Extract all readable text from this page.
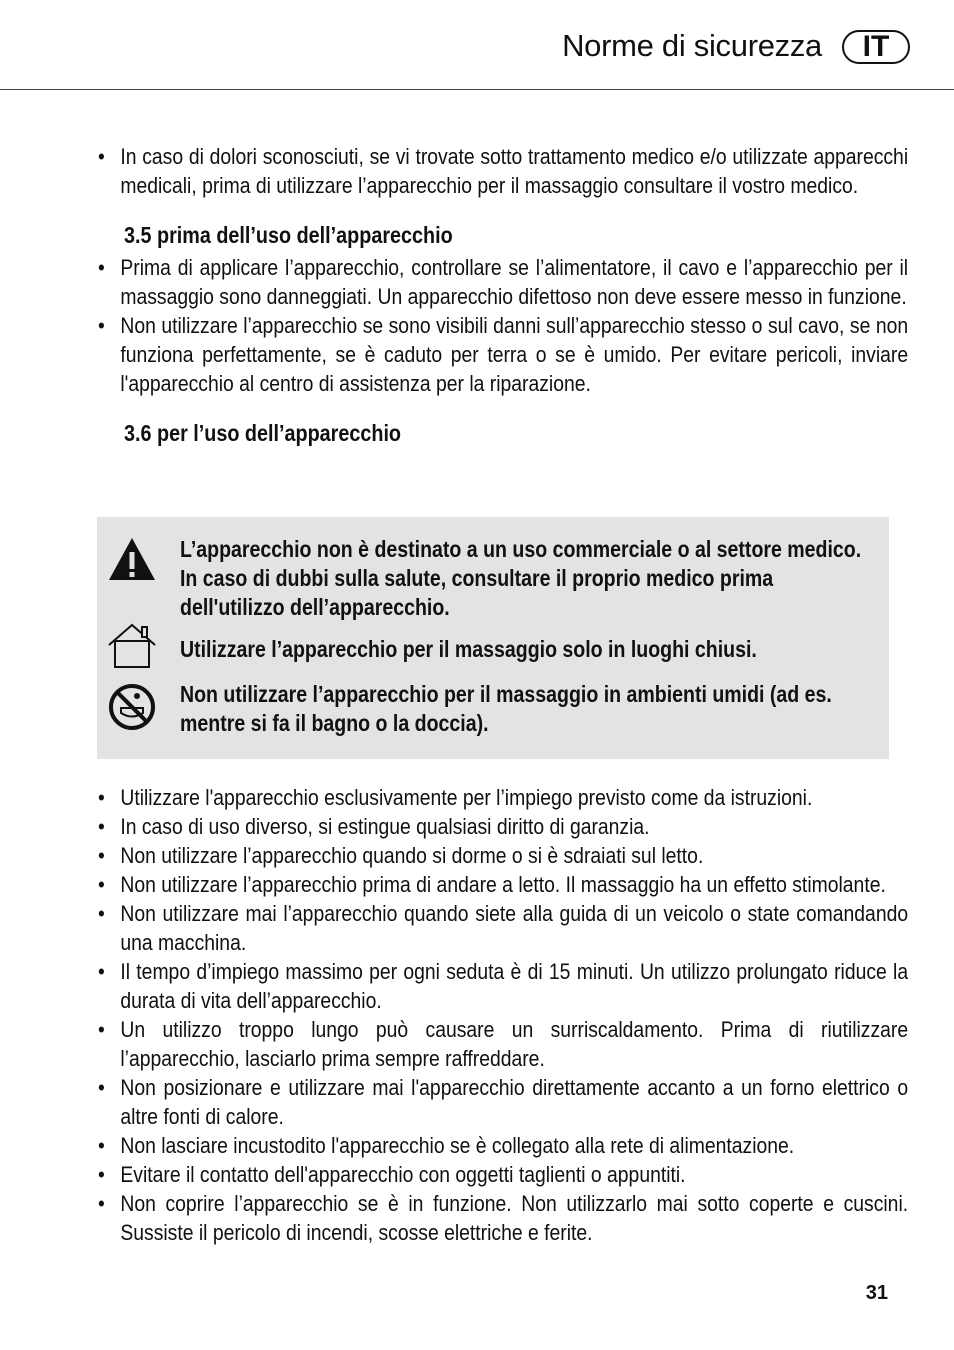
Norme di sicurezza	IT
• In caso di dolori sconosciuti, se vi trovate sotto trattamento medico e/o utilizzate apparecchi medicali, prima di utilizzare l’apparecchio per il massaggio consultare il vostro medico.
3.5 prima dell’uso dell’apparecchio
• Prima di applicare l’apparecchio, controllare se l’alimentatore, il cavo e l’apparecchio per il massaggio sono danneggiati. Un apparecchio difettoso non deve essere messo in funzione.
• Non utilizzare l’apparecchio se sono visibili danni sull’apparecchio stesso o sul cavo, se non funziona perfettamente, se è caduto per terra o se è umido. Per evitare pericoli, inviare l'apparecchio al centro di assistenza per la riparazione.
3.6 per l’uso dell’apparecchio
L’apparecchio non è destinato a un uso commerciale o al settore medico. In caso di dubbi sulla salute, consultare il proprio medico prima dell'utilizzo dell’apparecchio.
Utilizzare l’apparecchio per il massaggio solo in luoghi chiusi.
Non utilizzare l’apparecchio per il massaggio in ambienti umidi (ad es. mentre si fa il bagno o la doccia).
• Utilizzare l'apparecchio esclusivamente per l’impiego previsto come da istruzioni.
• In caso di uso diverso, si estingue qualsiasi diritto di garanzia.
• Non utilizzare l’apparecchio quando si dorme o si è sdraiati sul letto.
• Non utilizzare l’apparecchio prima di andare a letto. Il massaggio ha un effetto stimolante.
• Non utilizzare mai l’apparecchio quando siete alla guida di un veicolo o state comandando una macchina.
• Il tempo d’impiego massimo per ogni seduta è di 15 minuti. Un utilizzo prolungato riduce la durata di vita dell’apparecchio.
• Un utilizzo troppo lungo può causare un surriscaldamento. Prima di riutilizzare l’apparecchio, lasciarlo prima sempre raffreddare.
• Non posizionare e utilizzare mai l'apparecchio direttamente accanto a un forno elettrico o altre fonti di calore.
• Non lasciare incustodito l'apparecchio se è collegato alla rete di alimentazione.
• Evitare il contatto dell'apparecchio con oggetti taglienti o appuntiti.
• Non coprire l’apparecchio se è in funzione. Non utilizzarlo mai sotto coperte e cuscini. Sussiste il pericolo di incendi, scosse elettriche e ferite.
31
